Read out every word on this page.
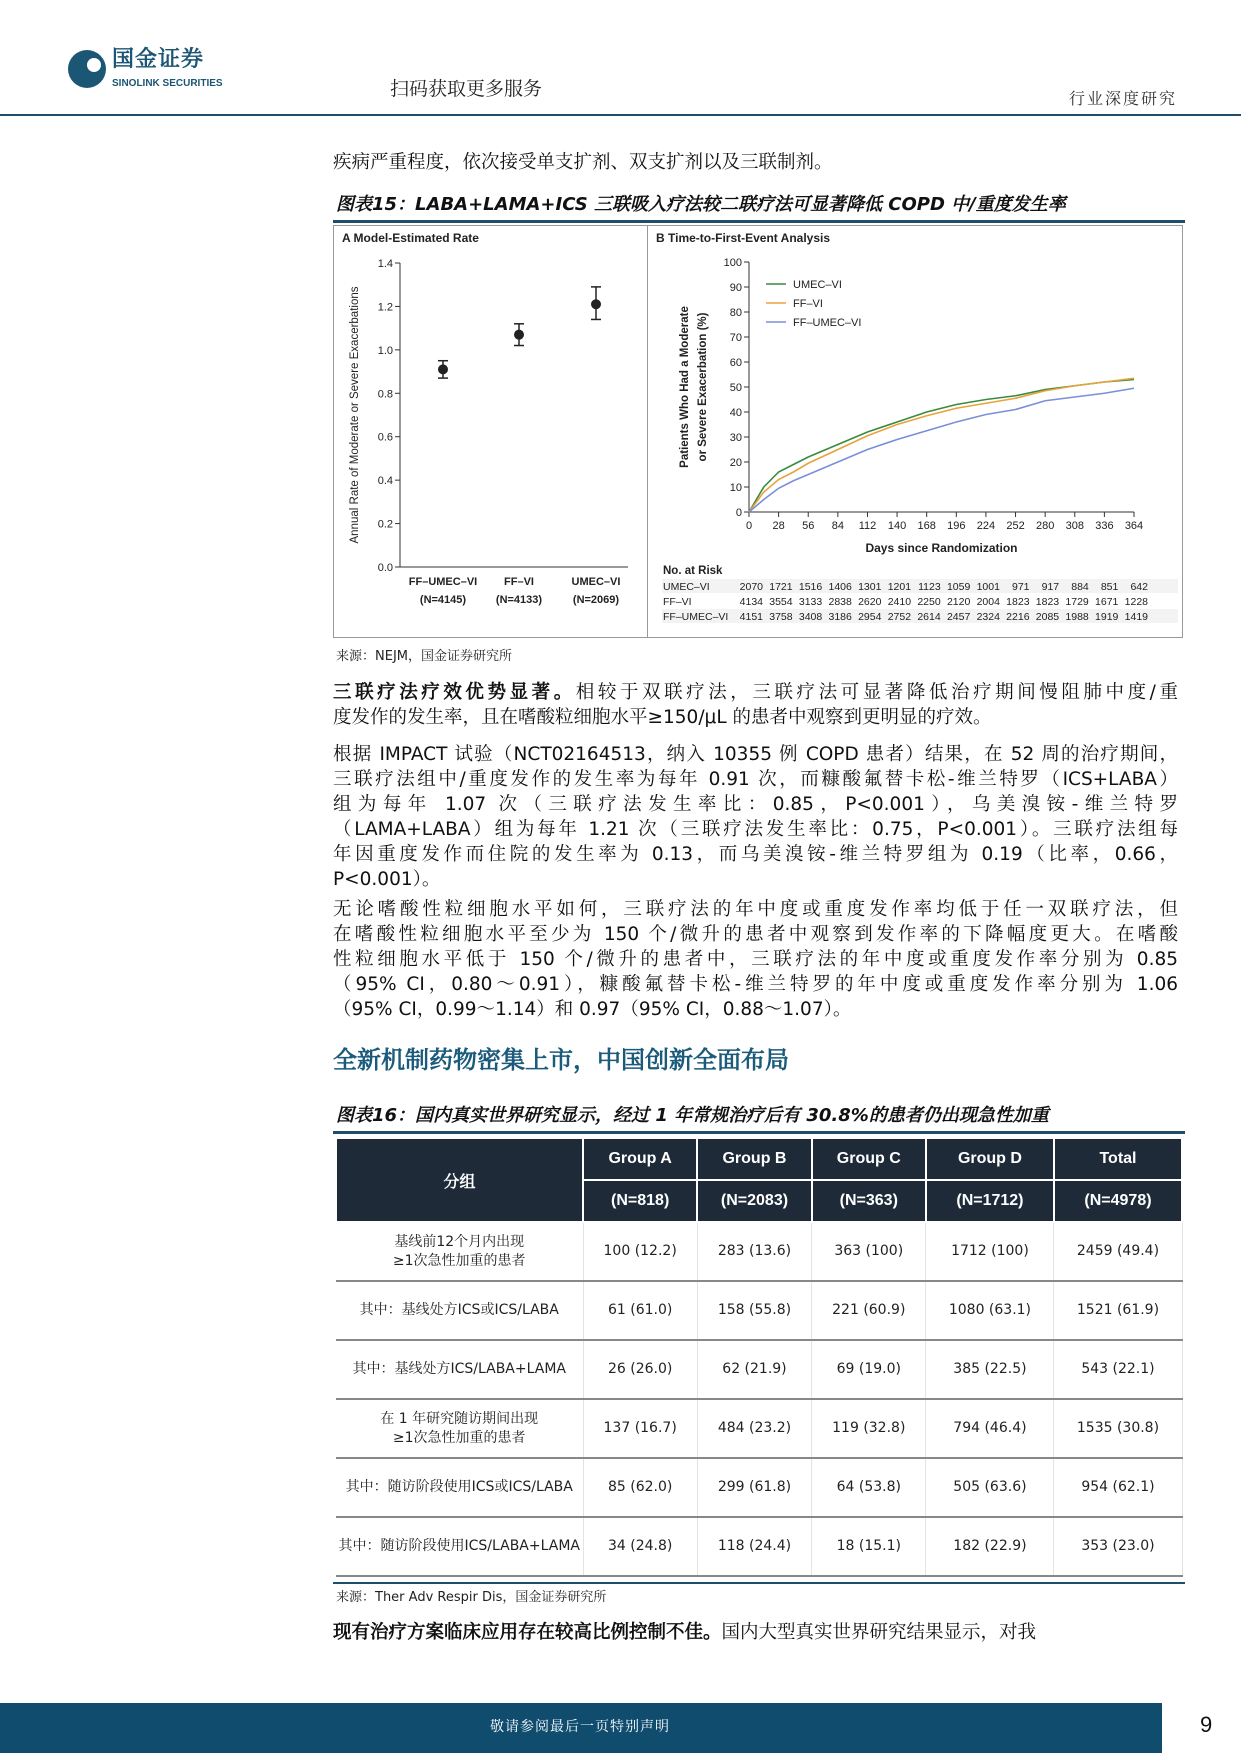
国金证券
SINOLINK SECURITIES	扫码获取更多服务	行业深度研究
疾病严重程度，依次接受单支扩剂、双支扩剂以及三联制剂。
图表15：LABA+LAMA+ICS 三联吸入疗法较二联疗法可显著降低 COPD 中/重度发生率
A Model-Estimated Rate
0.0
0.2
0.4
0.6
0.8
1.0
1.2
1.4
Annual Rate of Moderate or Severe Exacerbations
FF–UMEC–VI
(N=4145)
FF–VI
(N=4133)
UMEC–VI
(N=2069)
B Time-to-First-Event Analysis
0
10
20
30
40
50
60
70
80
90
100
0 28 56 84 112 140 168 196 224 252 280 308 336 364
Days since Randomization
Patients Who Had a Moderate or Severe Exacerbation (%)
UMEC–VI
FF–VI
FF–UMEC–VI
No. at Risk
UMEC–VI	2070 1721 1516 1406 1301 1201 1123 1059 1001 971 917 884 851 642
FF–VI	4134 3554 3133 2838 2620 2410 2250 2120 2004 1823 1823 1729 1671 1228
FF–UMEC–VI 4151 3758 3408 3186 2954 2752 2614 2457 2324 2216 2085 1988 1919 1419
来源：NEJM，国金证券研究所
三联疗法疗效优势显著。相较于双联疗法，三联疗法可显著降低治疗期间慢阻肺中度/重
度发作的发生率，且在嗜酸粒细胞水平≥150/μL 的患者中观察到更明显的疗效。
根据 IMPACT 试验（NCT02164513，纳入 10355 例 COPD 患者）结果，在 52 周的治疗期间，
三联疗法组中/重度发作的发生率为每年 0.91 次，而糠酸氟替卡松-维兰特罗（ICS+LABA）
组为每年 1.07 次（三联疗法发生率比：0.85，P<0.001），乌美溴铵-维兰特罗
（LAMA+LABA）组为每年 1.21 次（三联疗法发生率比：0.75，P<0.001）。三联疗法组每
年因重度发作而住院的发生率为 0.13，而乌美溴铵-维兰特罗组为 0.19（比率，0.66，
P<0.001）。
无论嗜酸性粒细胞水平如何，三联疗法的年中度或重度发作率均低于任一双联疗法，但
在嗜酸性粒细胞水平至少为 150 个/微升的患者中观察到发作率的下降幅度更大。在嗜酸
性粒细胞水平低于 150 个/微升的患者中，三联疗法的年中度或重度发作率分别为 0.85
（95% CI，0.80～0.91），糠酸氟替卡松-维兰特罗的年中度或重度发作率分别为 1.06
（95% CI，0.99～1.14）和 0.97（95% CI，0.88～1.07）。
全新机制药物密集上市，中国创新全面布局
图表16：国内真实世界研究显示，经过 1 年常规治疗后有 30.8%的患者仍出现急性加重
分组	Group A	Group B	Group C	Group D	Total
	(N=818)	(N=2083)	(N=363)	(N=1712)	(N=4978)

基线前12个月内出现
≥1次急性加重的患者	100 (12.2)	283 (13.6)	363 (100)	1712 (100)	2459 (49.4)

其中：基线处方ICS或ICS/LABA	61 (61.0)	158 (55.8)	221 (60.9)	1080 (63.1)	1521 (61.9)

其中：基线处方ICS/LABA+LAMA	26 (26.0)	62 (21.9)	69 (19.0)	385 (22.5)	543 (22.1)

在 1 年研究随访期间出现
≥1次急性加重的患者	137 (16.7)	484 (23.2)	119 (32.8)	794 (46.4)	1535 (30.8)

其中：随访阶段使用ICS或ICS/LABA	85 (62.0)	299 (61.8)	64 (53.8)	505 (63.6)	954 (62.1)

其中：随访阶段使用ICS/LABA+LAMA	34 (24.8)	118 (24.4)	18 (15.1)	182 (22.9)	353 (23.0)
来源：Ther Adv Respir Dis，国金证券研究所
现有治疗方案临床应用存在较高比例控制不佳。国内大型真实世界研究结果显示，对我
敬请参阅最后一页特别声明	9
